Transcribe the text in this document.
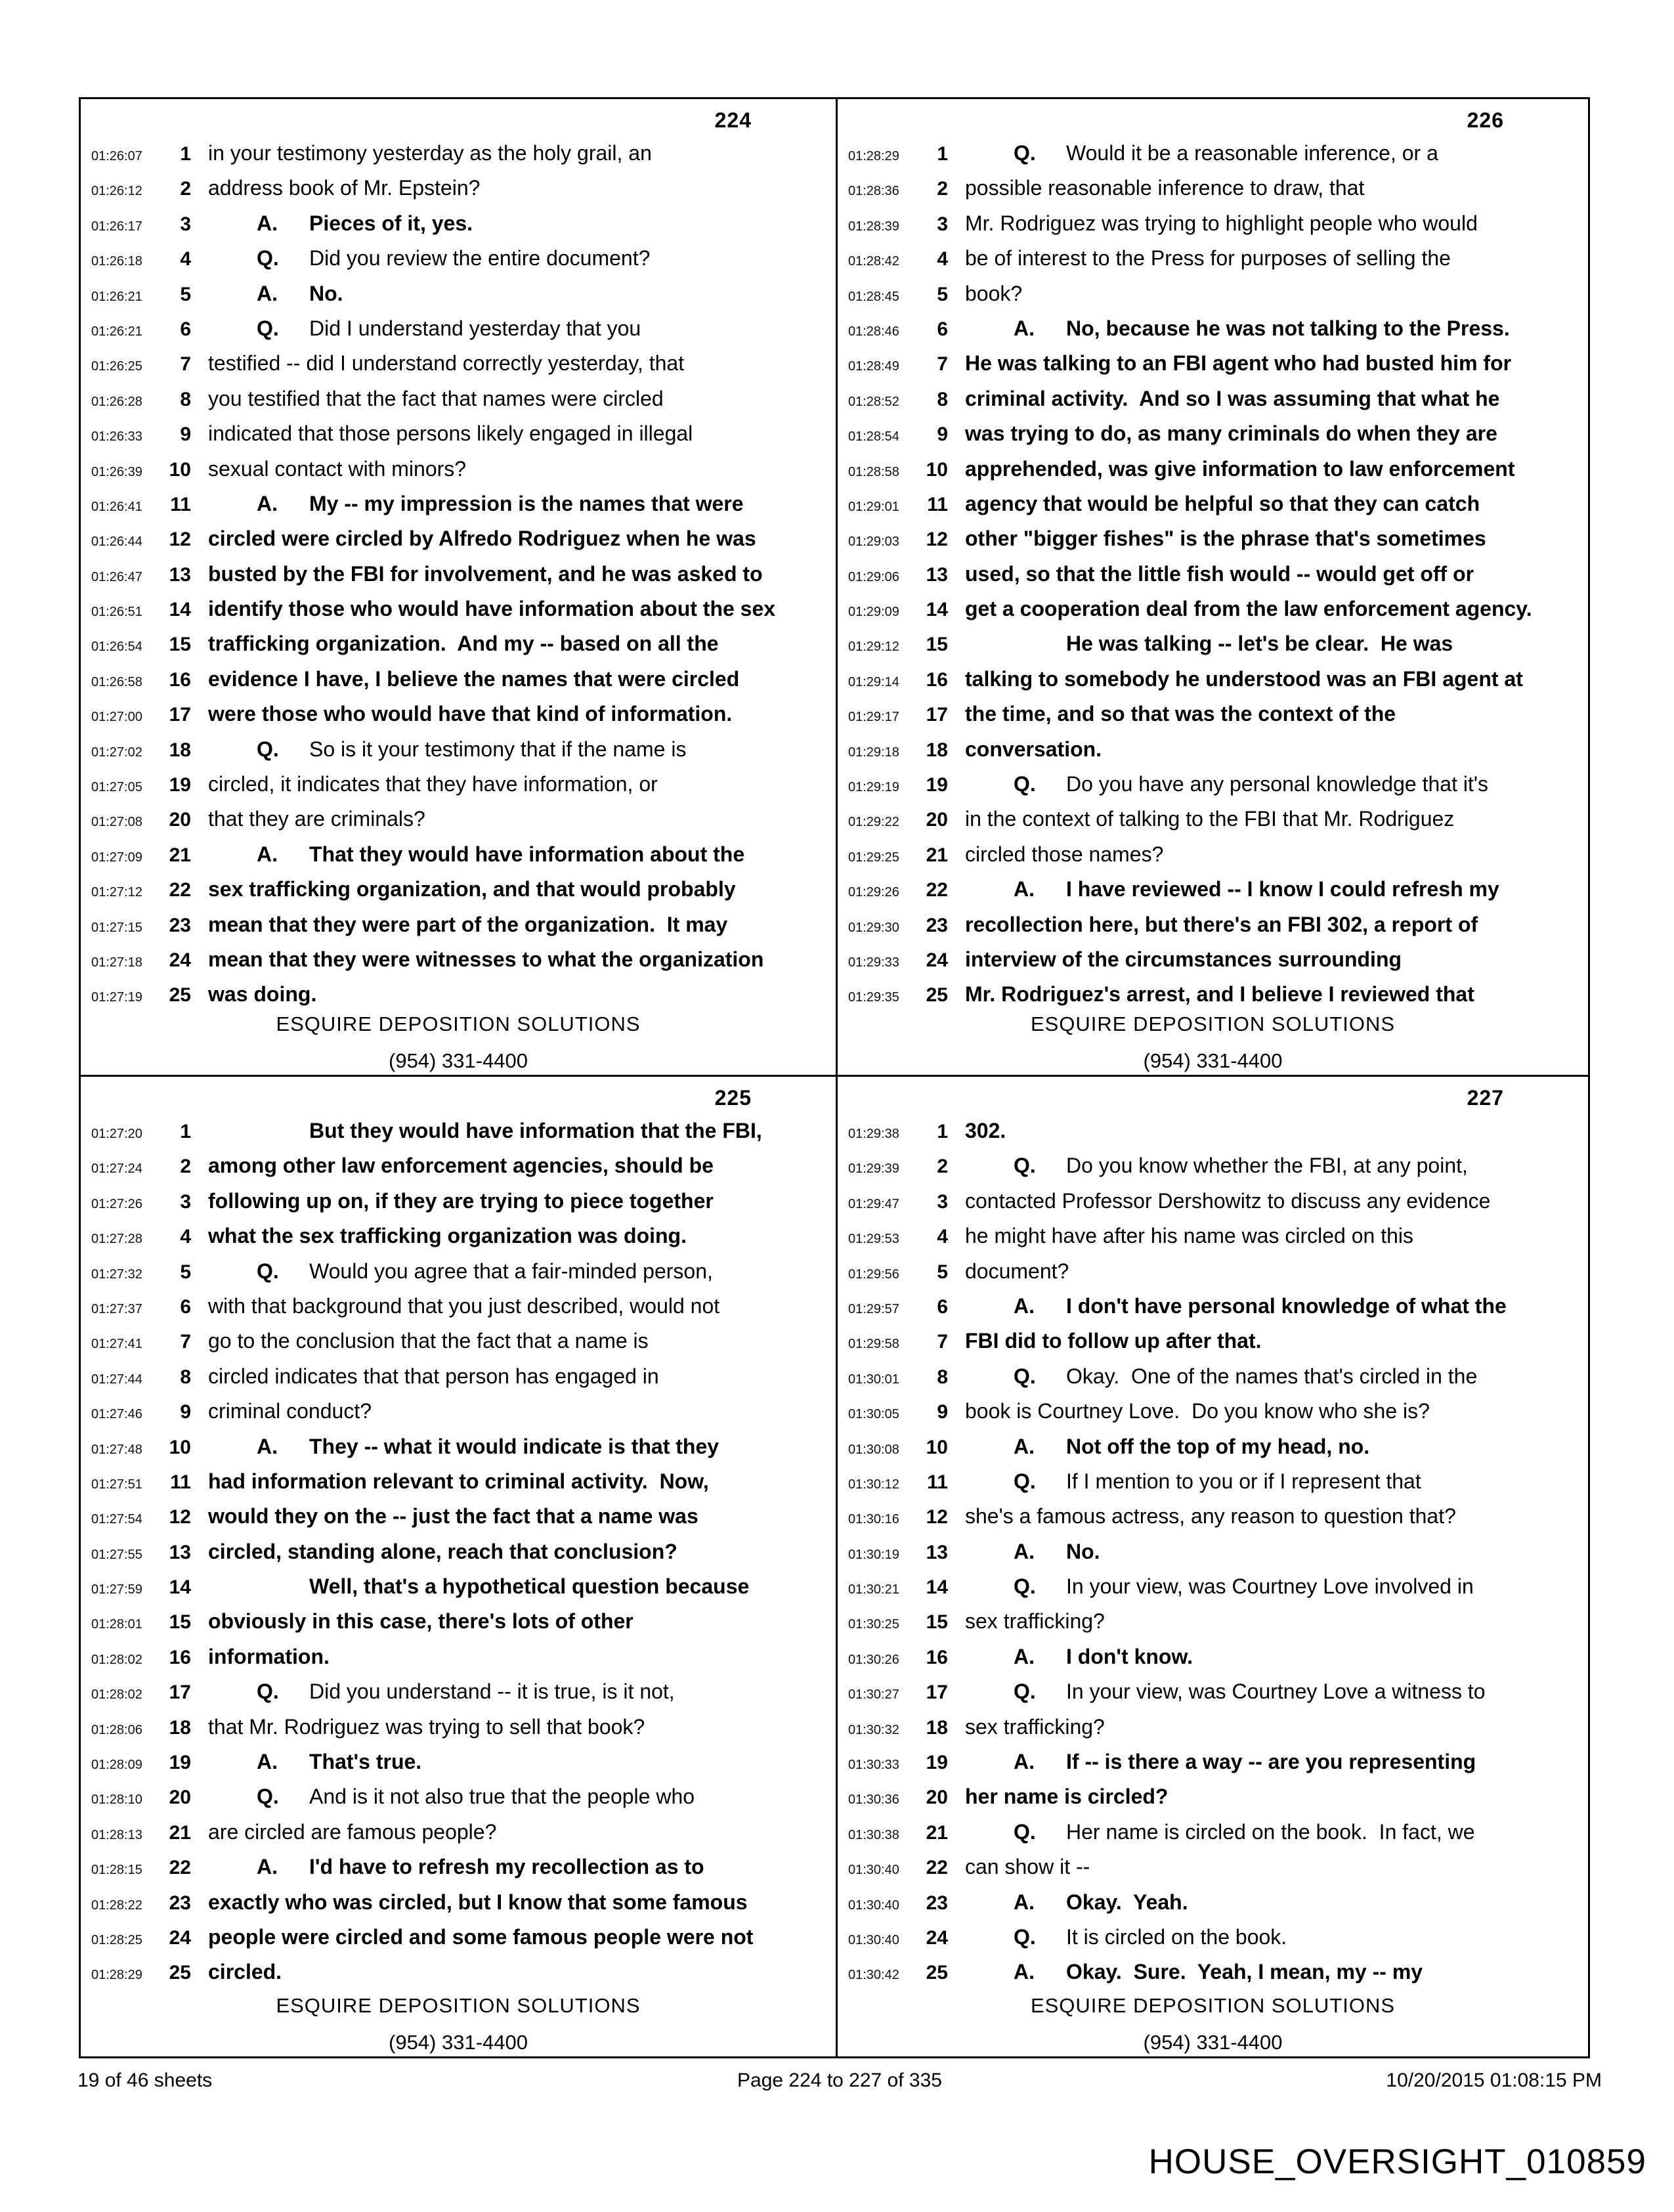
224
01:26:07 1 in your testimony yesterday as the holy grail, an
01:26:12 2 address book of Mr. Epstein?
01:26:17 3	A. Pieces of it, yes.
01:26:18 4	Q. Did you review the entire document?
01:26:21 5	A. No.
01:26:21 6	Q. Did I understand yesterday that you
01:26:25 7 testified -- did I understand correctly yesterday, that
01:26:28 8 you testified that the fact that names were circled
01:26:33 9 indicated that those persons likely engaged in illegal
01:26:39 10 sexual contact with minors?
01:26:41 11	A. My -- my impression is the names that were
01:26:44 12 circled were circled by Alfredo Rodriguez when he was
01:26:47 13 busted by the FBI for involvement, and he was asked to
01:26:51 14 identify those who would have information about the sex
01:26:54 15 trafficking organization.  And my -- based on all the
01:26:58 16 evidence I have, I believe the names that were circled
01:27:00 17 were those who would have that kind of information.
01:27:02 18	Q. So is it your testimony that if the name is
01:27:05 19 circled, it indicates that they have information, or
01:27:08 20 that they are criminals?
01:27:09 21	A. That they would have information about the
01:27:12 22 sex trafficking organization, and that would probably
01:27:15 23 mean that they were part of the organization.  It may
01:27:18 24 mean that they were witnesses to what the organization
01:27:19 25 was doing.
ESQUIRE DEPOSITION SOLUTIONS
(954) 331-4400
226
01:28:29 1	Q. Would it be a reasonable inference, or a
01:28:36 2 possible reasonable inference to draw, that
01:28:39 3 Mr. Rodriguez was trying to highlight people who would
01:28:42 4 be of interest to the Press for purposes of selling the
01:28:45 5 book?
01:28:46 6	A. No, because he was not talking to the Press.
01:28:49 7 He was talking to an FBI agent who had busted him for
01:28:52 8 criminal activity.  And so I was assuming that what he
01:28:54 9 was trying to do, as many criminals do when they are
01:28:58 10 apprehended, was give information to law enforcement
01:29:01 11 agency that would be helpful so that they can catch
01:29:03 12 other "bigger fishes" is the phrase that's sometimes
01:29:06 13 used, so that the little fish would -- would get off or
01:29:09 14 get a cooperation deal from the law enforcement agency.
01:29:12 15	He was talking -- let's be clear.  He was
01:29:14 16 talking to somebody he understood was an FBI agent at
01:29:17 17 the time, and so that was the context of the
01:29:18 18 conversation.
01:29:19 19	Q. Do you have any personal knowledge that it's
01:29:22 20 in the context of talking to the FBI that Mr. Rodriguez
01:29:25 21 circled those names?
01:29:26 22	A. I have reviewed -- I know I could refresh my
01:29:30 23 recollection here, but there's an FBI 302, a report of
01:29:33 24 interview of the circumstances surrounding
01:29:35 25 Mr. Rodriguez's arrest, and I believe I reviewed that
ESQUIRE DEPOSITION SOLUTIONS
(954) 331-4400
225
01:27:20 1	But they would have information that the FBI,
01:27:24 2 among other law enforcement agencies, should be
01:27:26 3 following up on, if they are trying to piece together
01:27:28 4 what the sex trafficking organization was doing.
01:27:32 5	Q. Would you agree that a fair-minded person,
01:27:37 6 with that background that you just described, would not
01:27:41 7 go to the conclusion that the fact that a name is
01:27:44 8 circled indicates that that person has engaged in
01:27:46 9 criminal conduct?
01:27:48 10	A. They -- what it would indicate is that they
01:27:51 11 had information relevant to criminal activity.  Now,
01:27:54 12 would they on the -- just the fact that a name was
01:27:55 13 circled, standing alone, reach that conclusion?
01:27:59 14	Well, that's a hypothetical question because
01:28:01 15 obviously in this case, there's lots of other
01:28:02 16 information.
01:28:02 17	Q. Did you understand -- it is true, is it not,
01:28:06 18 that Mr. Rodriguez was trying to sell that book?
01:28:09 19	A. That's true.
01:28:10 20	Q. And is it not also true that the people who
01:28:13 21 are circled are famous people?
01:28:15 22	A. I'd have to refresh my recollection as to
01:28:22 23 exactly who was circled, but I know that some famous
01:28:25 24 people were circled and some famous people were not
01:28:29 25 circled.
ESQUIRE DEPOSITION SOLUTIONS
(954) 331-4400
227
01:29:38 1 302.
01:29:39 2	Q. Do you know whether the FBI, at any point,
01:29:47 3 contacted Professor Dershowitz to discuss any evidence
01:29:53 4 he might have after his name was circled on this
01:29:56 5 document?
01:29:57 6	A. I don't have personal knowledge of what the
01:29:58 7 FBI did to follow up after that.
01:30:01 8	Q. Okay.  One of the names that's circled in the
01:30:05 9 book is Courtney Love.  Do you know who she is?
01:30:08 10	A. Not off the top of my head, no.
01:30:12 11	Q. If I mention to you or if I represent that
01:30:16 12 she's a famous actress, any reason to question that?
01:30:19 13	A. No.
01:30:21 14	Q. In your view, was Courtney Love involved in
01:30:25 15 sex trafficking?
01:30:26 16	A. I don't know.
01:30:27 17	Q. In your view, was Courtney Love a witness to
01:30:32 18 sex trafficking?
01:30:33 19	A. If -- is there a way -- are you representing
01:30:36 20 her name is circled?
01:30:38 21	Q. Her name is circled on the book.  In fact, we
01:30:40 22 can show it --
01:30:40 23	A. Okay.  Yeah.
01:30:40 24	Q. It is circled on the book.
01:30:42 25	A. Okay.  Sure.  Yeah, I mean, my -- my
ESQUIRE DEPOSITION SOLUTIONS
(954) 331-4400
19 of 46 sheets	Page 224 to 227 of 335	10/20/2015 01:08:15 PM
HOUSE_OVERSIGHT_010859
